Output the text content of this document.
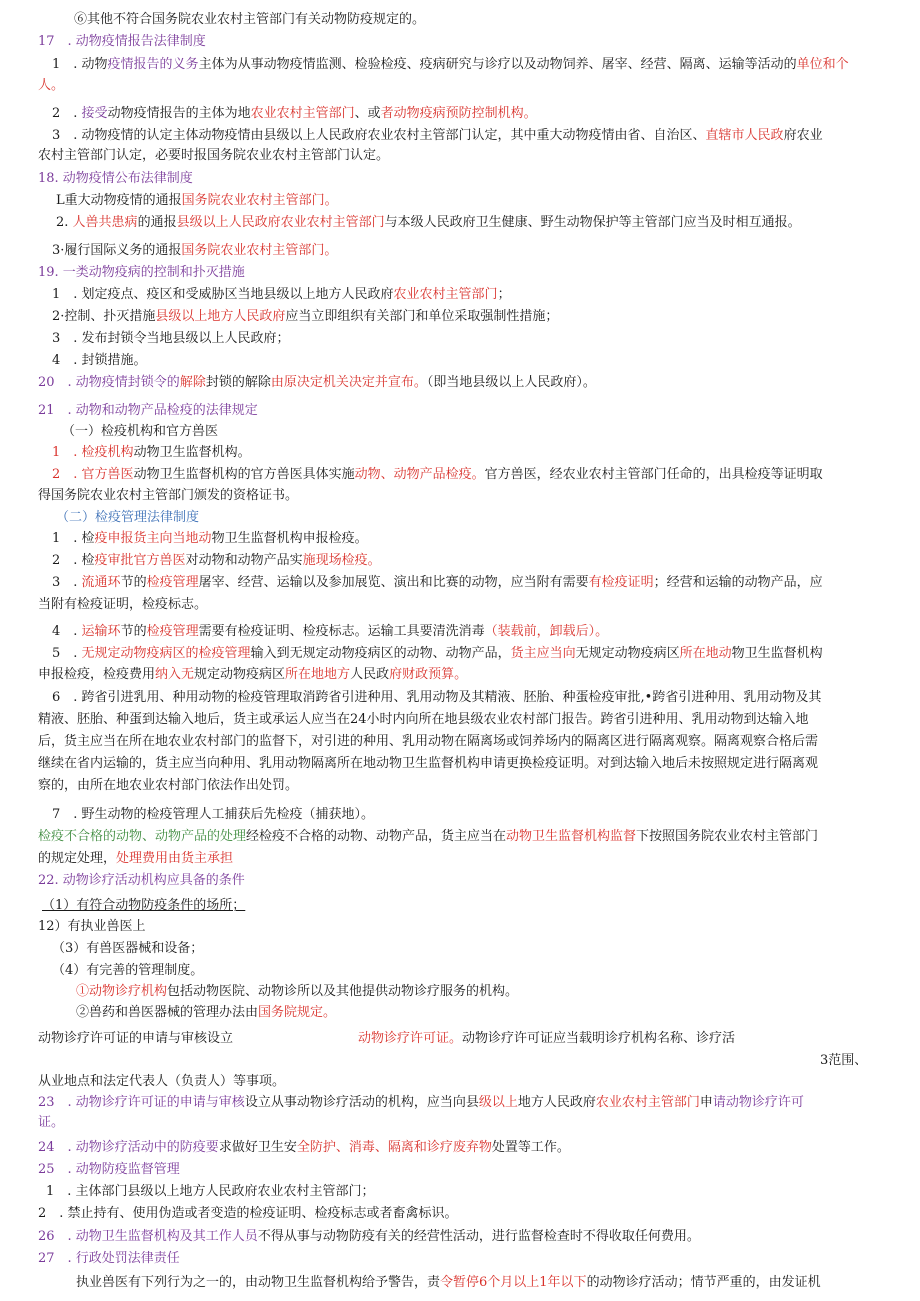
⑥其他不符合国务院农业农村主管部门有关动物防疫规定的。
17　. 动物疫情报告法律制度
1　. 动物疫情报告的义务主体为从事动物疫情监测、检验检疫、疫病研究与诊疗以及动物饲养、屠宰、经营、隔离、运输等活动的单位和个
人。
2　. 接受动物疫情报告的主体为地农业农村主管部门、或者动物疫病预防控制机构。
3　. 动物疫情的认定主体动物疫情由县级以上人民政府农业农村主管部门认定，其中重大动物疫情由省、自治区、直辖市人民政府农业
农村主管部门认定，必要时报国务院农业农村主管部门认定。
18. 动物疫情公布法律制度
L重大动物疫情的通报国务院农业农村主管部门。
2. 人兽共患病的通报县级以上人民政府农业农村主管部门与本级人民政府卫生健康、野生动物保护等主管部门应当及时相互通报。
3·履行国际义务的通报国务院农业农村主管部门。
19. 一类动物疫病的控制和扑灭措施
1　. 划定疫点、疫区和受威胁区当地县级以上地方人民政府农业农村主管部门；
2·控制、扑灭措施县级以上地方人民政府应当立即组织有关部门和单位采取强制性措施；
3　. 发布封锁令当地县级以上人民政府；
4　. 封锁措施。
20　. 动物疫情封锁令的解除封锁的解除由原决定机关决定并宣布。（即当地县级以上人民政府）。
21　. 动物和动物产品检疫的法律规定
（一）检疫机构和官方兽医
1　. 检疫机构动物卫生监督机构。
2　. 官方兽医动物卫生监督机构的官方兽医具体实施动物、动物产品检疫。官方兽医，经农业农村主管部门任命的，出具检疫等证明取
得国务院农业农村主管部门颁发的资格证书。
（二）检疫管理法律制度
1　. 检疫申报货主向当地动物卫生监督机构申报检疫。
2　. 检疫审批官方兽医对动物和动物产品实施现场检疫。
3　. 流通环节的检疫管理屠宰、经营、运输以及参加展览、演出和比赛的动物，应当附有需要有检疫证明；经营和运输的动物产品，应
当附有检疫证明，检疫标志。
4　. 运输环节的检疫管理需要有检疫证明、检疫标志。运输工具要清洗消毒（装载前，卸载后）。
5　. 无规定动物疫病区的检疫管理输入到无规定动物疫病区的动物、动物产品，货主应当向无规定动物疫病区所在地动物卫生监督机构
申报检疫，检疫费用纳入无规定动物疫病区所在地地方人民政府财政预算。
6　. 跨省引进乳用、种用动物的检疫管理取消跨省引进种用、乳用动物及其精液、胚胎、种蛋检疫审批,•跨省引进种用、乳用动物及其
精液、胚胎、种蛋到达输入地后，货主或承运人应当在24小时内向所在地县级农业农村部门报告。跨省引进种用、乳用动物到达输入地
后，货主应当在所在地农业农村部门的监督下，对引进的种用、乳用动物在隔离场或饲养场内的隔离区进行隔离观察。隔离观察合格后需
继续在省内运输的，货主应当向种用、乳用动物隔离所在地动物卫生监督机构申请更换检疫证明。对到达输入地后未按照规定进行隔离观
察的，由所在地农业农村部门依法作出处罚。
7　. 野生动物的检疫管理人工捕获后先检疫（捕获地）。
检疫不合格的动物、动物产品的处理经检疫不合格的动物、动物产品，货主应当在动物卫生监督机构监督下按照国务院农业农村主管部门
的规定处理，处理费用由货主承担
22. 动物诊疗活动机构应具备的条件
（1）有符合动物防疫条件的场所；
12）有执业兽医上
（3）有兽医器械和设备；
（4）有完善的管理制度。
①动物诊疗机构包括动物医院、动物诊所以及其他提供动物诊疗服务的机构。
②兽药和兽医器械的管理办法由国务院规定。
动物诊疗许可证的申请与审核设立	动物诊疗许可证。动物诊疗许可证应当载明诊疗机构名称、诊疗活
3范围、
从业地点和法定代表人（负责人）等事项。
23　. 动物诊疗许可证的申请与审核设立从事动物诊疗活动的机构，应当向县级以上地方人民政府农业农村主管部门申请动物诊疗许可
证。
24　. 动物诊疗活动中的防疫要求做好卫生安全防护、消毒、隔离和诊疗废弃物处置等工作。
25　. 动物防疫监督管理
1　. 主体部门县级以上地方人民政府农业农村主管部门；
2　. 禁止持有、使用伪造或者变造的检疫证明、检疫标志或者畜禽标识。
26　. 动物卫生监督机构及其工作人员不得从事与动物防疫有关的经营性活动，进行监督检查时不得收取任何费用。
27　. 行政处罚法律责任
执业兽医有下列行为之一的，由动物卫生监督机构给予警告，责令暂停6个月以上1年以下的动物诊疗活动；情节严重的，由发证机
